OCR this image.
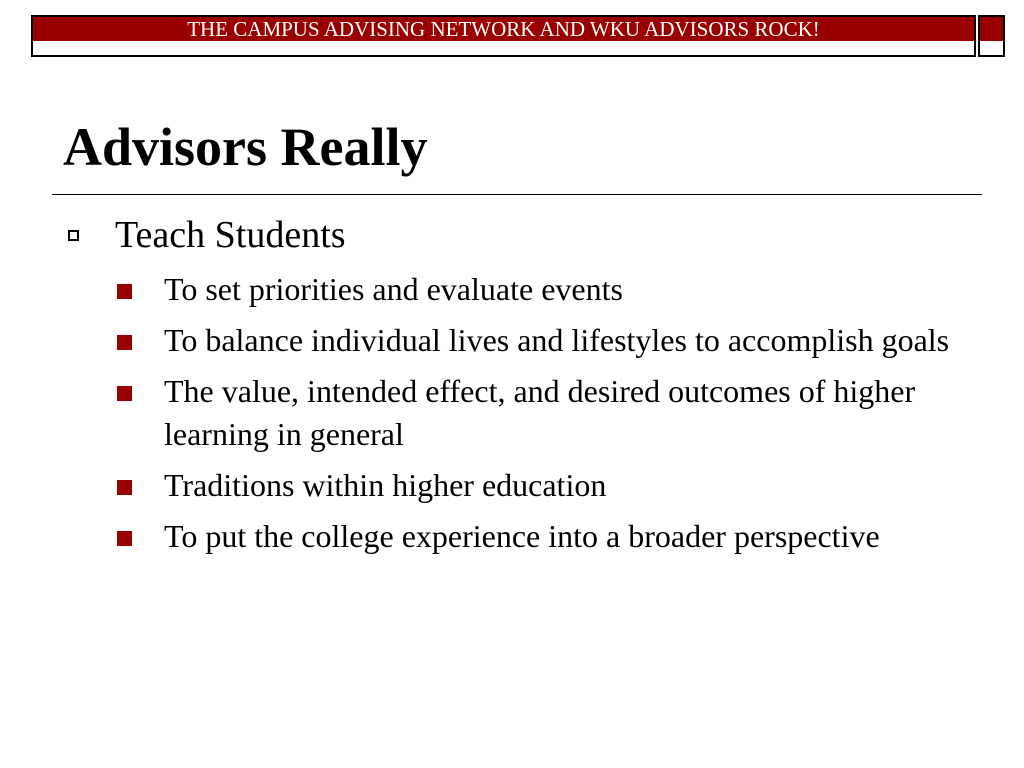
THE CAMPUS ADVISING NETWORK AND WKU ADVISORS ROCK!
Advisors Really
Teach Students
To set priorities and evaluate events
To balance individual lives and lifestyles to accomplish goals
The value, intended effect, and desired outcomes of higher learning in general
Traditions within higher education
To put the college experience into a broader perspective
